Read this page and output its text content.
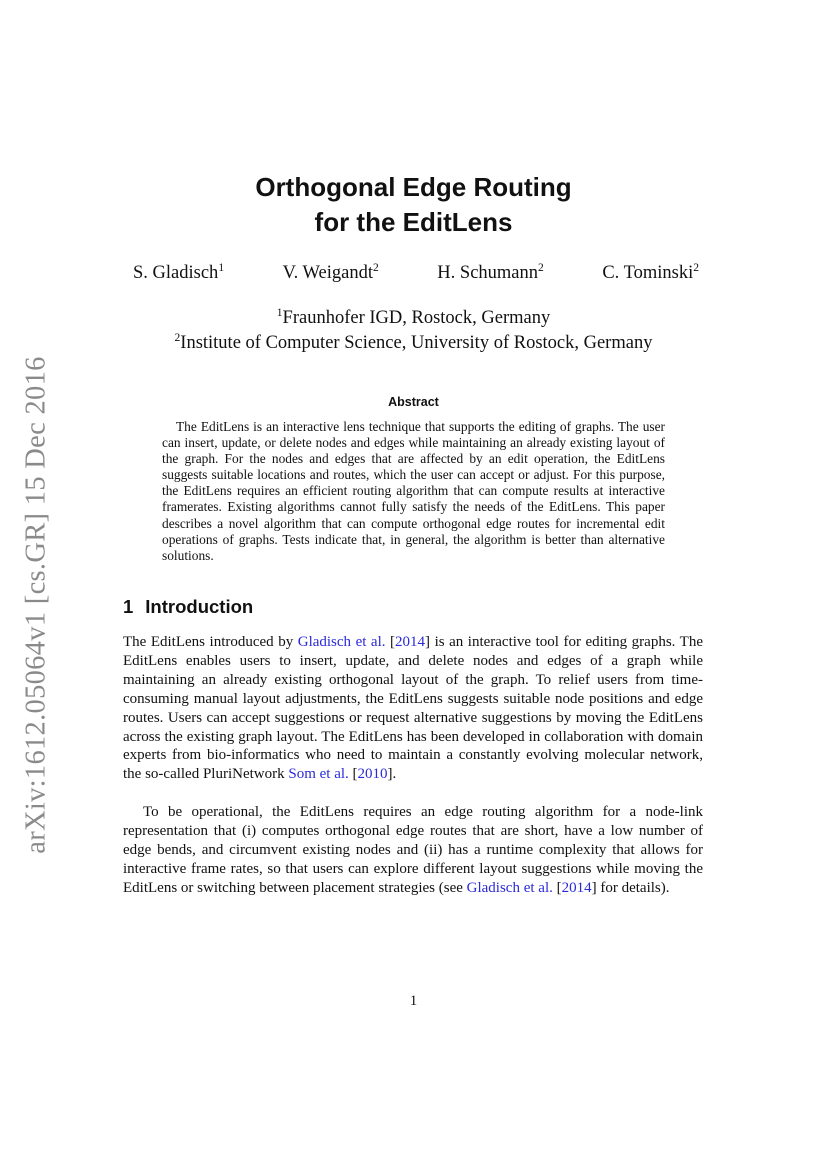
arXiv:1612.05064v1 [cs.GR] 15 Dec 2016
Orthogonal Edge Routing
for the EditLens
S. Gladisch$^1$	V. Weigandt$^2$	H. Schumann$^2$	C. Tominski$^2$
$^1$Fraunhofer IGD, Rostock, Germany
$^2$Institute of Computer Science, University of Rostock, Germany
Abstract
The EditLens is an interactive lens technique that supports the editing of graphs. The user can insert, update, or delete nodes and edges while maintaining an already existing layout of the graph. For the nodes and edges that are affected by an edit operation, the EditLens suggests suitable locations and routes, which the user can accept or adjust. For this purpose, the EditLens requires an efficient routing algorithm that can compute results at interactive framerates. Existing algorithms cannot fully satisfy the needs of the EditLens. This paper describes a novel algorithm that can compute orthogonal edge routes for incremental edit operations of graphs. Tests indicate that, in general, the algorithm is better than alternative solutions.
1 Introduction
The EditLens introduced by Gladisch et al. [2014] is an interactive tool for editing graphs. The EditLens enables users to insert, update, and delete nodes and edges of a graph while maintaining an already existing orthogonal layout of the graph. To relief users from time-consuming manual layout adjustments, the EditLens suggests suitable node positions and edge routes. Users can accept suggestions or request alternative suggestions by moving the EditLens across the existing graph layout. The EditLens has been developed in collaboration with domain experts from bio-informatics who need to maintain a constantly evolving molecular network, the so-called PluriNetwork Som et al. [2010].
To be operational, the EditLens requires an edge routing algorithm for a node-link representation that (i) computes orthogonal edge routes that are short, have a low number of edge bends, and circumvent existing nodes and (ii) has a runtime complexity that allows for interactive frame rates, so that users can explore different layout suggestions while moving the EditLens or switching between placement strategies (see Gladisch et al. [2014] for details).
1
